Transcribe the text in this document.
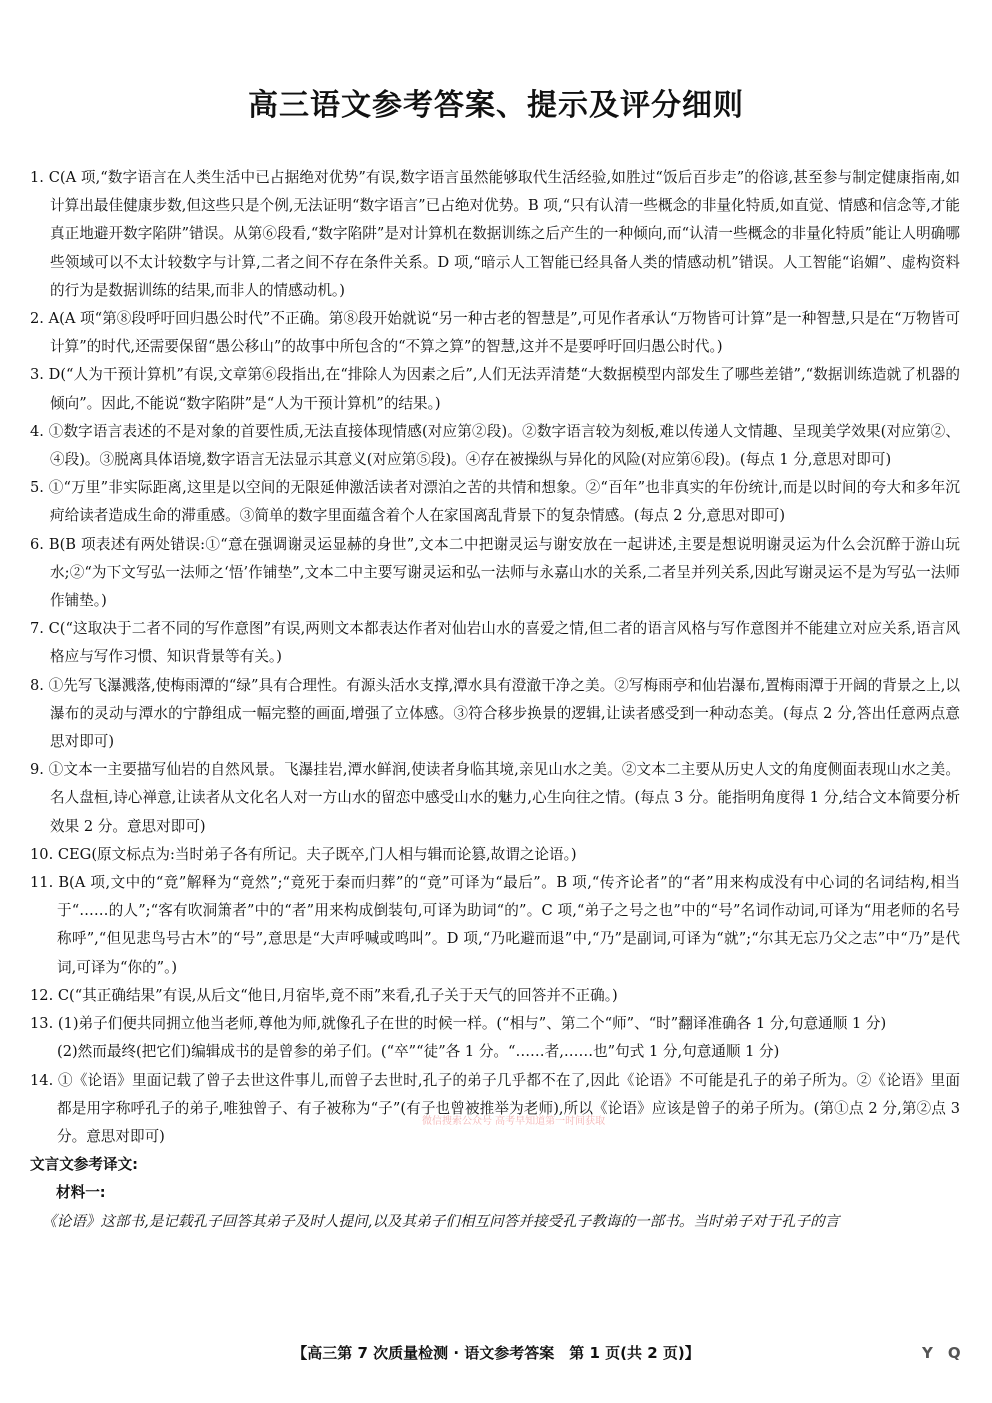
高三语文参考答案、提示及评分细则

1. C(A 项,“数字语言在人类生活中已占据绝对优势”有误,数字语言虽然能够取代生活经验,如胜过“饭后百步走”的俗谚,甚至参与制定健康指南,如计算出最佳健康步数,但这些只是个例,无法证明“数字语言”已占绝对优势。B 项,“只有认清一些概念的非量化特质,如直觉、情感和信念等,才能真正地避开数字陷阱”错误。从第⑥段看,“数字陷阱”是对计算机在数据训练之后产生的一种倾向,而“认清一些概念的非量化特质”能让人明确哪些领域可以不太计较数字与计算,二者之间不存在条件关系。D 项,“暗示人工智能已经具备人类的情感动机”错误。人工智能“谄媚”、虚构资料的行为是数据训练的结果,而非人的情感动机。)

2. A(A 项“第⑧段呼吁回归愚公时代”不正确。第⑧段开始就说“另一种古老的智慧是”,可见作者承认“万物皆可计算”是一种智慧,只是在“万物皆可计算”的时代,还需要保留“愚公移山”的故事中所包含的“不算之算”的智慧,这并不是要呼吁回归愚公时代。)

3. D(“人为干预计算机”有误,文章第⑥段指出,在“排除人为因素之后”,人们无法弄清楚“大数据模型内部发生了哪些差错”,“数据训练造就了机器的倾向”。因此,不能说“数字陷阱”是“人为干预计算机”的结果。)

4. ①数字语言表述的不是对象的首要性质,无法直接体现情感(对应第②段)。②数字语言较为刻板,难以传递人文情趣、呈现美学效果(对应第②、④段)。③脱离具体语境,数字语言无法显示其意义(对应第⑤段)。④存在被操纵与异化的风险(对应第⑥段)。(每点 1 分,意思对即可)

5. ①“万里”非实际距离,这里是以空间的无限延伸激活读者对漂泊之苦的共情和想象。②“百年”也非真实的年份统计,而是以时间的夸大和多年沉疴给读者造成生命的滞重感。③简单的数字里面蕴含着个人在家国离乱背景下的复杂情感。(每点 2 分,意思对即可)

6. B(B 项表述有两处错误:①“意在强调谢灵运显赫的身世”,文本二中把谢灵运与谢安放在一起讲述,主要是想说明谢灵运为什么会沉醉于游山玩水;②“为下文写弘一法师之‘悟’作铺垫”,文本二中主要写谢灵运和弘一法师与永嘉山水的关系,二者呈并列关系,因此写谢灵运不是为写弘一法师作铺垫。)

7. C(“这取决于二者不同的写作意图”有误,两则文本都表达作者对仙岩山水的喜爱之情,但二者的语言风格与写作意图并不能建立对应关系,语言风格应与写作习惯、知识背景等有关。)

8. ①先写飞瀑溅落,使梅雨潭的“绿”具有合理性。有源头活水支撑,潭水具有澄澈干净之美。②写梅雨亭和仙岩瀑布,置梅雨潭于开阔的背景之上,以瀑布的灵动与潭水的宁静组成一幅完整的画面,增强了立体感。③符合移步换景的逻辑,让读者感受到一种动态美。(每点 2 分,答出任意两点意思对即可)

9. ①文本一主要描写仙岩的自然风景。飞瀑挂岩,潭水鲜润,使读者身临其境,亲见山水之美。②文本二主要从历史人文的角度侧面表现山水之美。名人盘桓,诗心禅意,让读者从文化名人对一方山水的留恋中感受山水的魅力,心生向往之情。(每点 3 分。能指明角度得 1 分,结合文本简要分析效果 2 分。意思对即可)

10. CEG(原文标点为:当时弟子各有所记。夫子既卒,门人相与辑而论篡,故谓之论语。)

11. B(A 项,文中的“竟”解释为“竟然”;“竟死于秦而归葬”的“竟”可译为“最后”。B 项,“传齐论者”的“者”用来构成没有中心词的名词结构,相当于“……的人”;“客有吹洞箫者”中的“者”用来构成倒装句,可译为助词“的”。C 项,“弟子之号之也”中的“号”名词作动词,可译为“用老师的名号称呼”,“但见悲鸟号古木”的“号”,意思是“大声呼喊或鸣叫”。D 项,“乃叱避而退”中,“乃”是副词,可译为“就”;“尔其无忘乃父之志”中“乃”是代词,可译为“你的”。)

12. C(“其正确结果”有误,从后文“他日,月宿毕,竟不雨”来看,孔子关于天气的回答并不正确。)

13. (1)弟子们便共同拥立他当老师,尊他为师,就像孔子在世的时候一样。(“相与”、第二个“师”、“时”翻译准确各 1 分,句意通顺 1 分)

(2)然而最终(把它们)编辑成书的是曾参的弟子们。(“卒”“徒”各 1 分。“……者,……也”句式 1 分,句意通顺 1 分)

14. ①《论语》里面记载了曾子去世这件事儿,而曾子去世时,孔子的弟子几乎都不在了,因此《论语》不可能是孔子的弟子所为。②《论语》里面都是用字称呼孔子的弟子,唯独曾子、有子被称为“子”(有子也曾被推举为老师),所以《论语》应该是曾子的弟子所为。(第①点 2 分,第②点 3 分。意思对即可)

文言文参考译文:

材料一:

《论语》这部书,是记载孔子回答其弟子及时人提问,以及其弟子们相互问答并接受孔子教诲的一部书。当时弟子对于孔子的言

微信搜索公众号 高考早知道第一时间获取
【高三第 7 次质量检测 · 语文参考答案　第 1 页(共 2 页)】	Y　Q
